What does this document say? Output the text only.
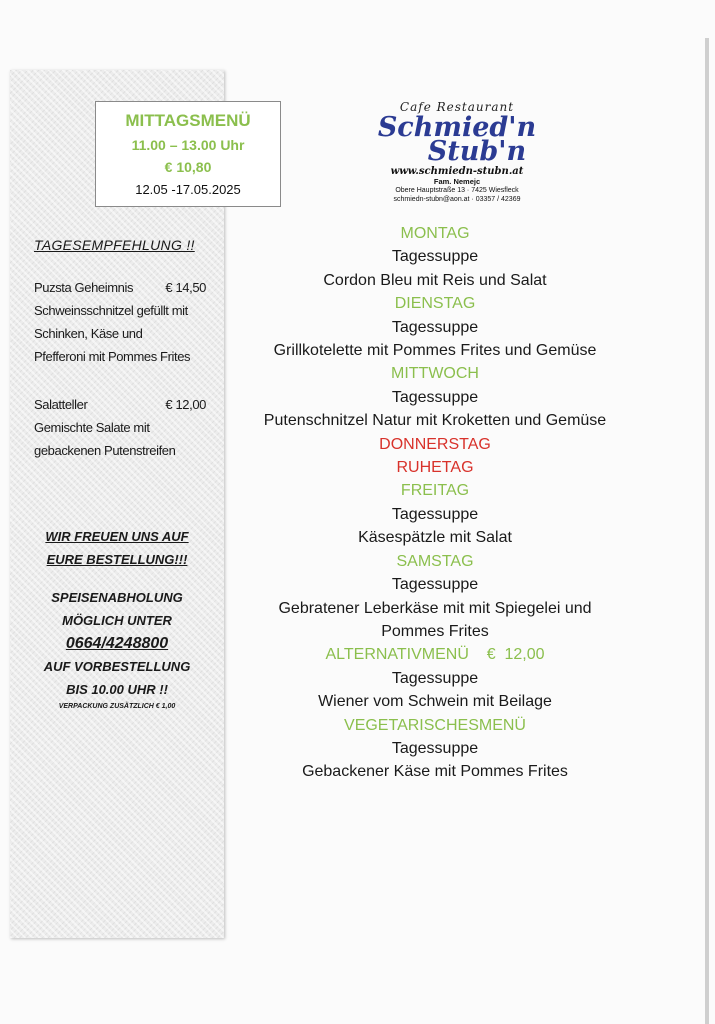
TAGESEMPFEHLUNG !!
Puzsta Geheimnis € 14,50
Schweinsschnitzel gefüllt mit
Schinken, Käse und
Pfefferoni mit Pommes Frites
Salatteller	€ 12,00
Gemischte Salate mit
gebackenen Putenstreifen
WIR FREUEN UNS AUF
EURE BESTELLUNG!!!
SPEISENABHOLUNG
MÖGLICH UNTER
0664/4248800
AUF VORBESTELLUNG
BIS 10.00 UHR !!
VERPACKUNG ZUSÄTZLICH € 1,00
MITTAGSMENÜ
11.00 – 13.00 Uhr
€ 10,80
12.05 -17.05.2025
Cafe Restaurant
Schmied'n
Stub'n
www.schmiedn-stubn.at
Fam. Nemejc
Obere Hauptstraße 13 · 7425 Wiesfleck
schmiedn-stubn@aon.at · 03357 / 42369
MONTAG
Tagessuppe
Cordon Bleu mit Reis und Salat
DIENSTAG
Tagessuppe
Grillkotelette mit Pommes Frites und Gemüse
MITTWOCH
Tagessuppe
Putenschnitzel Natur mit Kroketten und Gemüse
DONNERSTAG
RUHETAG
FREITAG
Tagessuppe
Käsespätzle mit Salat
SAMSTAG
Tagessuppe
Gebratener Leberkäse mit mit Spiegelei und
Pommes Frites
ALTERNATIVMENÜ    €  12,00
Tagessuppe
Wiener vom Schwein mit Beilage
VEGETARISCHESMENÜ
Tagessuppe
Gebackener Käse mit Pommes Frites
